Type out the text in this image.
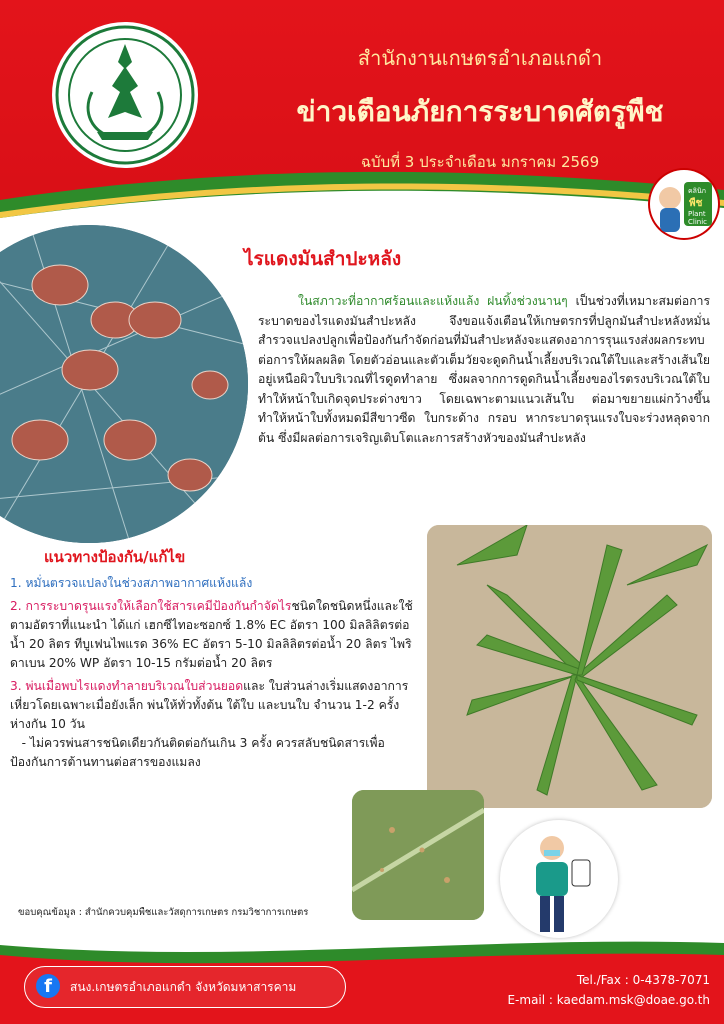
สำนักงานเกษตรอำเภอแกดำ
ข่าวเตือนภัยการระบาดศัตรูพืช
ฉบับที่ 3 ประจำเดือน มกราคม 2569
คลินิก
พืช
Plant
Clinic
ไรแดงมันสำปะหลัง
ในสภาวะที่อากาศร้อนและแห้งแล้ง ฝนทิ้งช่วงนานๆ เป็นช่วงที่เหมาะสมต่อการระบาดของไรแดงมันสำปะหลัง จึงขอแจ้งเตือนให้เกษตรกรที่ปลูกมันสำปะหลังหมั่นสำรวจแปลงปลูกเพื่อป้องกันกำจัดก่อนที่มันสำปะหลังจะแสดงอาการรุนแรงส่งผลกระทบต่อการให้ผลผลิต โดยตัวอ่อนและตัวเต็มวัยจะดูดกินน้ำเลี้ยงบริเวณใต้ใบและสร้างเส้นใยอยู่เหนือผิวใบบริเวณที่ไรดูดทำลาย ซึ่งผลจากการดูดกินน้ำเลี้ยงของไรตรงบริเวณใต้ใบทำให้หน้าใบเกิดจุดประด่างขาว โดยเฉพาะตามแนวเส้นใบ ต่อมาขยายแผ่กว้างขึ้น ทำให้หน้าใบทั้งหมดมีสีขาวซีด ใบกระด้าง กรอบ หากระบาดรุนแรงใบจะร่วงหลุดจากต้น ซึ่งมีผลต่อการเจริญเติบโตและการสร้างหัวของมันสำปะหลัง
แนวทางป้องกัน/แก้ไข
1. หมั่นตรวจแปลงในช่วงสภาพอากาศแห้งแล้ง
2. การระบาดรุนแรงให้เลือกใช้สารเคมีป้องกันกำจัดไรชนิดใดชนิดหนึ่งและใช้ตามอัตราที่แนะนำ ได้แก่ เฮกซีไทอะซอกซ์ 1.8% EC อัตรา 100 มิลลิลิตรต่อน้ำ 20 ลิตร ทีบูเฟนไพแรด 36% EC อัตรา 5-10 มิลลิลิตรต่อน้ำ 20 ลิตร ไพริดาเบน 20% WP อัตรา 10-15 กรัมต่อน้ำ 20 ลิตร
3. พ่นเมื่อพบไรแดงทำลายบริเวณใบส่วนยอดและ ใบส่วนล่างเริ่มแสดงอาการเหี่ยวโดยเฉพาะเมื่อยังเล็ก พ่นให้ทั่วทั้งต้น ใต้ใบ และบนใบ จำนวน 1-2 ครั้ง ห่างกัน 10 วัน
- ไม่ควรพ่นสารชนิดเดียวกันติดต่อกันเกิน 3 ครั้ง ควรสลับชนิดสารเพื่อป้องกันการต้านทานต่อสารของแมลง
ขอบคุณข้อมูล : สำนักควบคุมพืชและวัสดุการเกษตร กรมวิชาการเกษตร
f	สนง.เกษตรอำเภอแกดำ จังหวัดมหาสารคาม	Tel./Fax : 0-4378-7071
E-mail : kaedam.msk@doae.go.th
